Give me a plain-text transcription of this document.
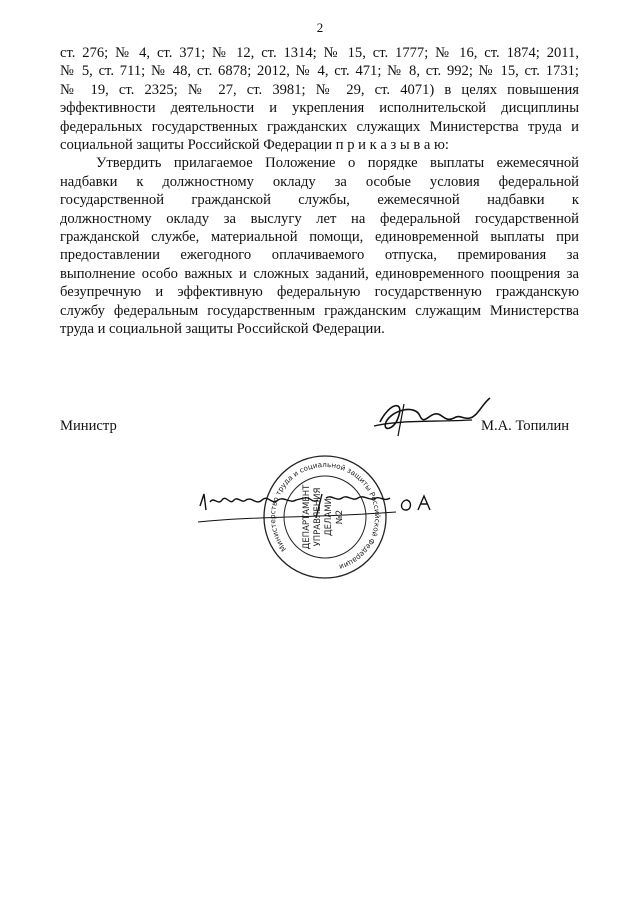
2
ст. 276; № 4, ст. 371; № 12, ст. 1314; № 15, ст. 1777; № 16, ст. 1874; 2011,
№ 5, ст. 711; № 48, ст. 6878; 2012, № 4, ст. 471; № 8, ст. 992; № 15, ст. 1731;
№ 19, ст. 2325; № 27, ст. 3981; № 29, ст. 4071) в целях повышения
эффективности деятельности и укрепления исполнительской дисциплины
федеральных государственных гражданских служащих Министерства труда и
социальной защиты Российской Федерации п р и к а з ы в а ю:
Утвердить прилагаемое Положение о порядке выплаты ежемесячной
надбавки к должностному окладу за особые условия федеральной
государственной гражданской службы, ежемесячной надбавки к
должностному окладу за выслугу лет на федеральной государственной
гражданской службе, материальной помощи, единовременной выплаты при
предоставлении ежегодного оплачиваемого отпуска, премирования за
выполнение особо важных и сложных заданий, единовременного поощрения за
безупречную и эффективную федеральную государственную гражданскую
службу федеральным государственным гражданским служащим Министерства
труда и социальной защиты Российской Федерации.
Министр	М.А. Топилин
Министерство труда и социальной защиты Российской Федерации
ДЕПАРТАМЕНТ УПРАВЛЕНИЯ ДЕЛАМИ №2
